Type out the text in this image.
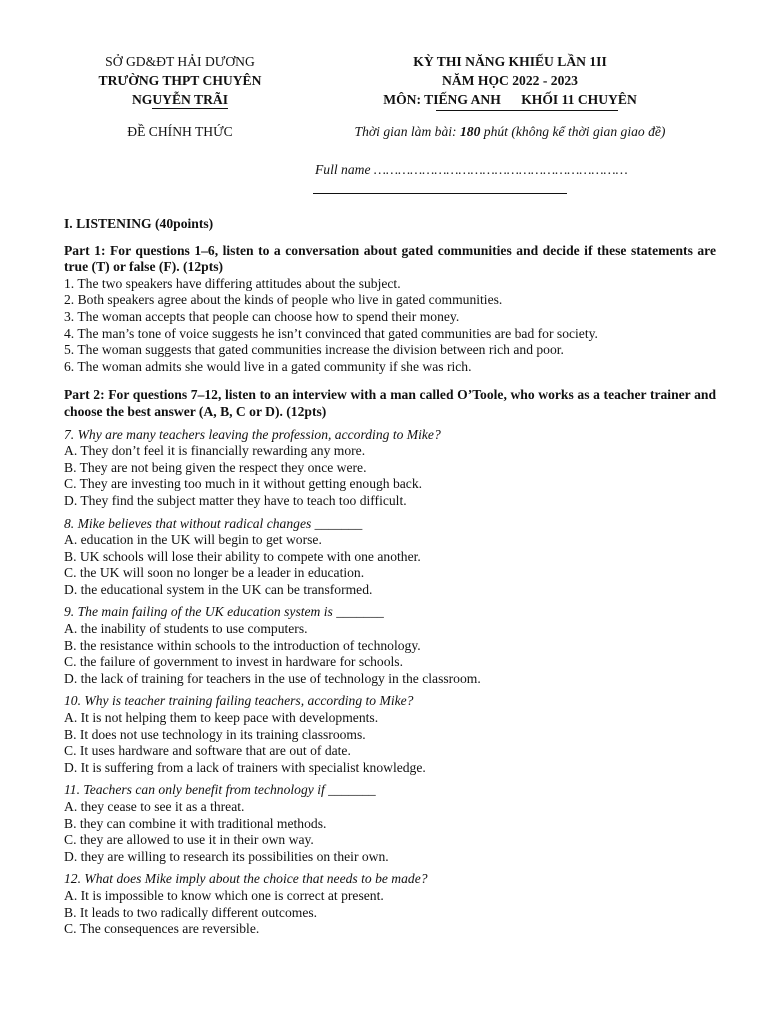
SỞ GD&ĐT HẢI DƯƠNG
TRƯỜNG THPT CHUYÊN
NGUYỄN TRÃI
KỲ THI NĂNG KHIẾU LẦN 1II
NĂM HỌC 2022 - 2023
MÔN: TIẾNG ANH KHỐI 11 CHUYÊN
ĐỀ CHÍNH THỨC	Thời gian làm bài: 180 phút (không kể thời gian giao đề)
Full name ………………………………………………………
I. LISTENING (40points)
Part 1: For questions 1–6, listen to a conversation about gated communities and decide if these statements are true (T) or false (F). (12pts)
1. The two speakers have differing attitudes about the subject.
2. Both speakers agree about the kinds of people who live in gated communities.
3. The woman accepts that people can choose how to spend their money.
4. The man’s tone of voice suggests he isn’t convinced that gated communities are bad for society.
5. The woman suggests that gated communities increase the division between rich and poor.
6. The woman admits she would live in a gated community if she was rich.
Part 2: For questions 7–12, listen to an interview with a man called O’Toole, who works as a teacher trainer and choose the best answer (A, B, C or D). (12pts)
7. Why are many teachers leaving the profession, according to Mike?
A. They don’t feel it is financially rewarding any more.
B. They are not being given the respect they once were.
C. They are investing too much in it without getting enough back.
D. They find the subject matter they have to teach too difficult.
8. Mike believes that without radical changes _______
A. education in the UK will begin to get worse.
B. UK schools will lose their ability to compete with one another.
C. the UK will soon no longer be a leader in education.
D. the educational system in the UK can be transformed.
9. The main failing of the UK education system is _______
A. the inability of students to use computers.
B. the resistance within schools to the introduction of technology.
C. the failure of government to invest in hardware for schools.
D. the lack of training for teachers in the use of technology in the classroom.
10. Why is teacher training failing teachers, according to Mike?
A. It is not helping them to keep pace with developments.
B. It does not use technology in its training classrooms.
C. It uses hardware and software that are out of date.
D. It is suffering from a lack of trainers with specialist knowledge.
11. Teachers can only benefit from technology if _______
A. they cease to see it as a threat.
B. they can combine it with traditional methods.
C. they are allowed to use it in their own way.
D. they are willing to research its possibilities on their own.
12. What does Mike imply about the choice that needs to be made?
A. It is impossible to know which one is correct at present.
B. It leads to two radically different outcomes.
C. The consequences are reversible.
